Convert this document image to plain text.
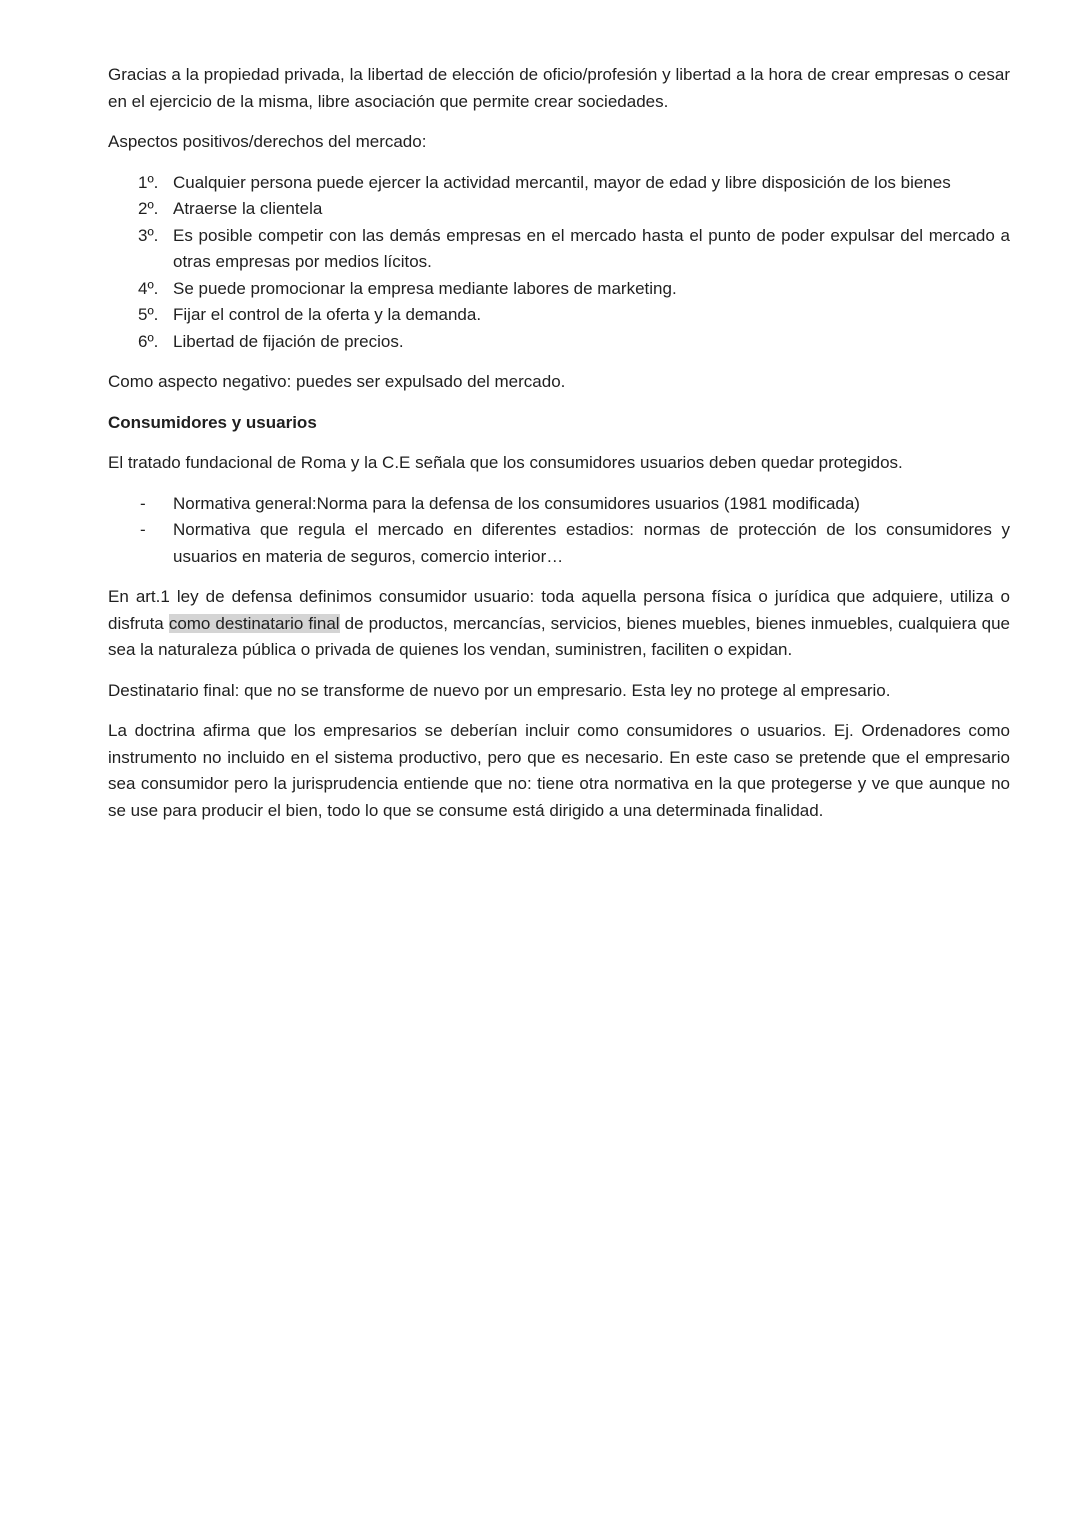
Gracias a la propiedad privada, la libertad de elección de oficio/profesión y libertad a la hora de crear empresas o cesar en el ejercicio de la misma, libre asociación que permite crear sociedades.

Aspectos positivos/derechos del mercado:

1º. Cualquier persona puede ejercer la actividad mercantil, mayor de edad y libre disposición de los bienes
2º. Atraerse la clientela
3º. Es posible competir con las demás empresas en el mercado hasta el punto de poder expulsar del mercado a otras empresas por medios lícitos.
4º. Se puede promocionar la empresa mediante labores de marketing.
5º. Fijar el control de la oferta y la demanda.
6º. Libertad de fijación de precios.

Como aspecto negativo: puedes ser expulsado del mercado.

Consumidores y usuarios

El tratado fundacional de Roma y la C.E señala que los consumidores usuarios deben quedar protegidos.

- Normativa general:Norma para la defensa de los consumidores usuarios (1981 modificada)
- Normativa que regula el mercado en diferentes estadios: normas de protección de los consumidores y usuarios en materia de seguros, comercio interior…

En art.1 ley de defensa definimos consumidor usuario: toda aquella persona física o jurídica que adquiere, utiliza o disfruta como destinatario final de productos, mercancías, servicios, bienes muebles, bienes inmuebles, cualquiera que sea la naturaleza pública o privada de quienes los vendan, suministren, faciliten o expidan.

Destinatario final: que no se transforme de nuevo por un empresario. Esta ley no protege al empresario.

La doctrina afirma que los empresarios se deberían incluir como consumidores o usuarios. Ej. Ordenadores como instrumento no incluido en el sistema productivo, pero que es necesario. En este caso se pretende que el empresario sea consumidor pero la jurisprudencia entiende que no: tiene otra normativa en la que protegerse y ve que aunque no se use para producir el bien, todo lo que se consume está dirigido a una determinada finalidad.
